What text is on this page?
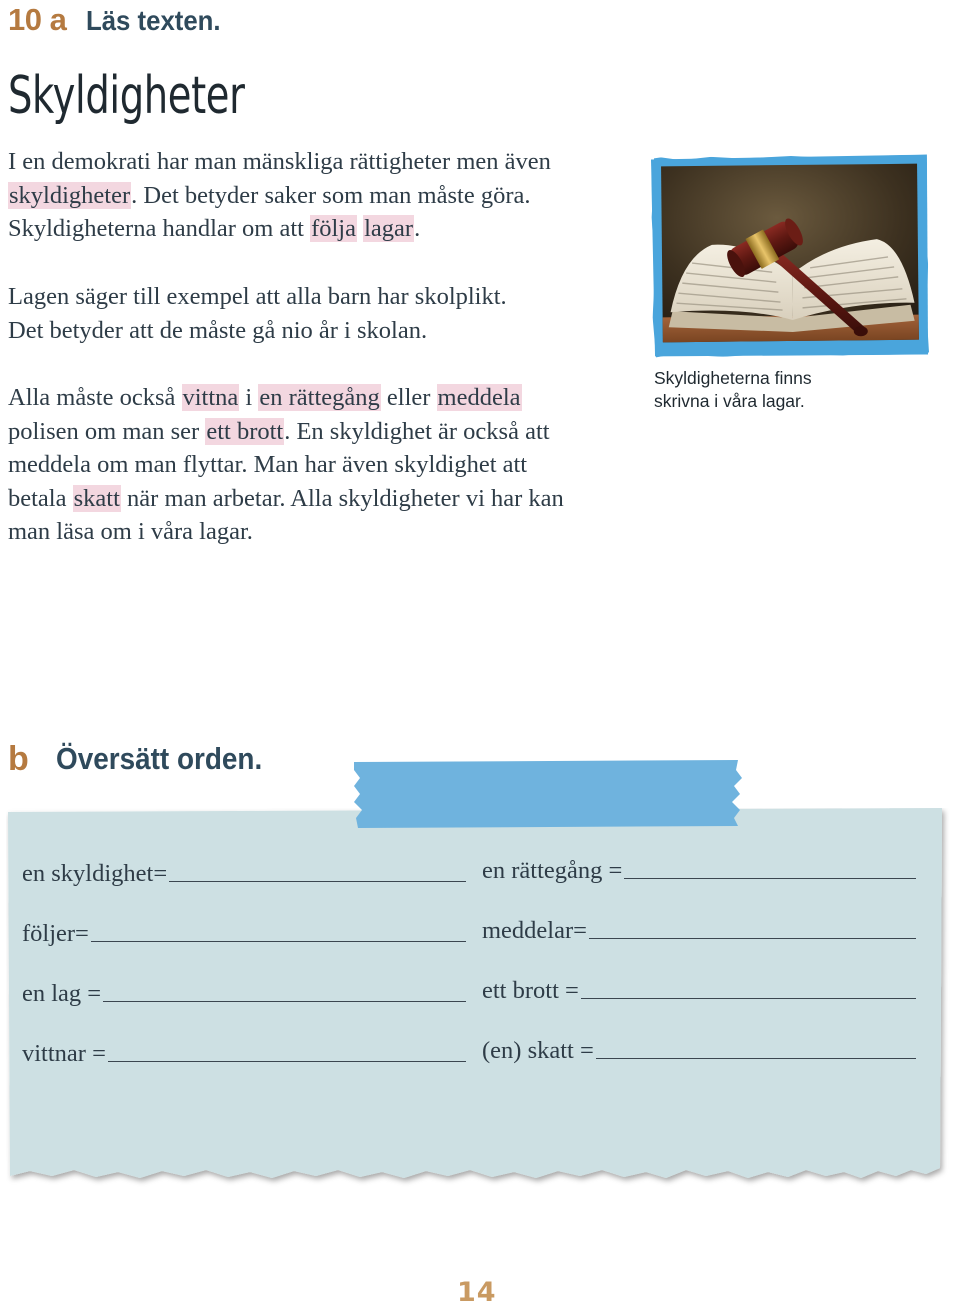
10 a Läs texten.
Skyldigheter
I en demokrati har man mänskliga rättigheter men även
skyldigheter. Det betyder saker som man måste göra.
Skyldigheterna handlar om att följa lagar.
Lagen säger till exempel att alla barn har skolplikt.
Det betyder att de måste gå nio år i skolan.
Alla måste också vittna i en rättegång eller meddela
polisen om man ser ett brott. En skyldighet är också att
meddela om man flyttar. Man har även skyldighet att
betala skatt när man arbetar. Alla skyldigheter vi har kan
man läsa om i våra lagar.
Skyldigheterna finns
skrivna i våra lagar.
b Översätt orden.
en skyldighet=
följer=
en lag =
vittnar =
en rättegång =
meddelar=
ett brott =
(en) skatt =
14
